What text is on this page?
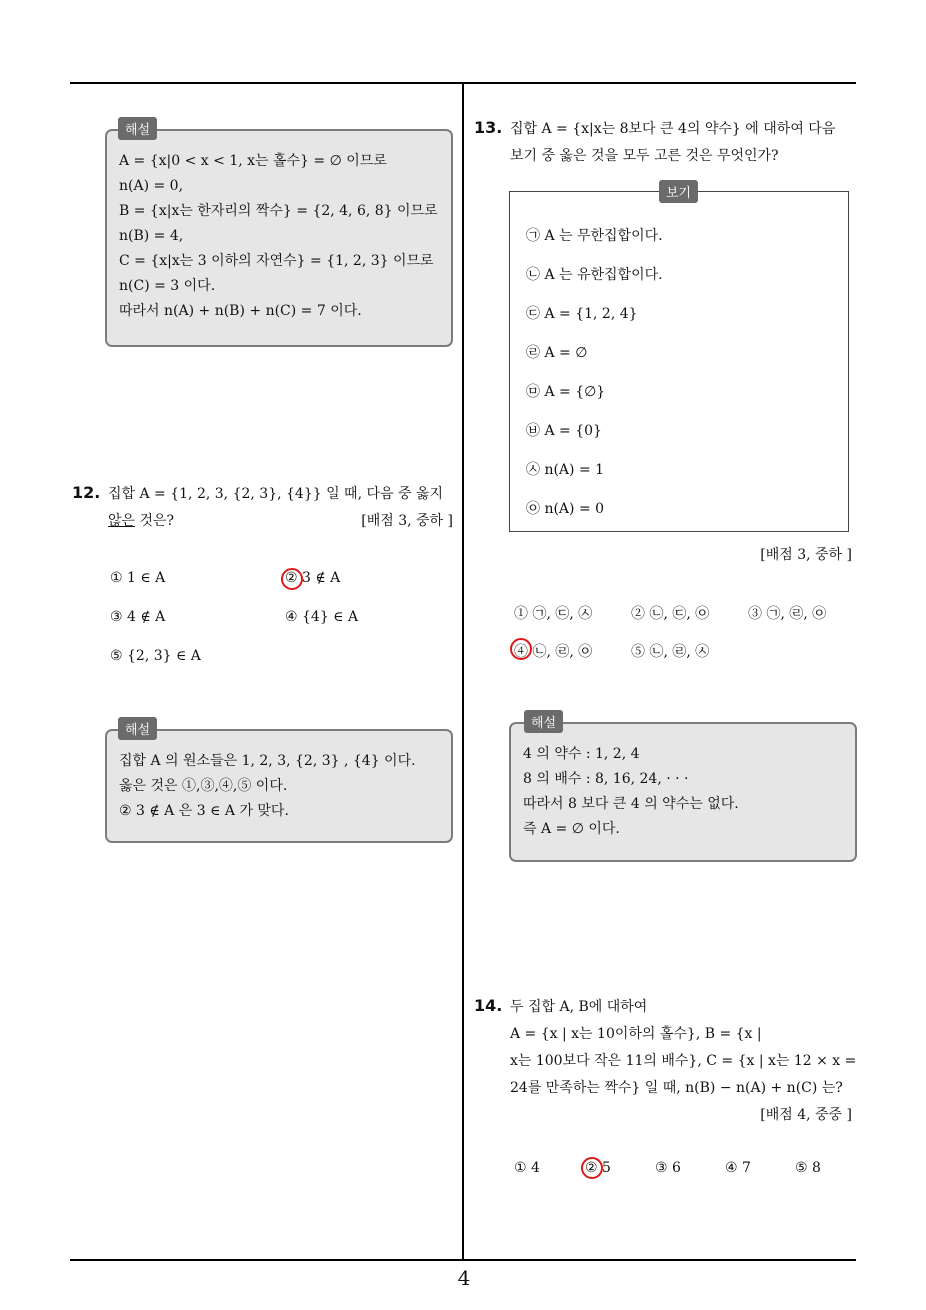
4
A = {x|0 < x < 1, x는 홀수} = ∅ 이므로
n(A) = 0,
B = {x|x는 한자리의 짝수} = {2, 4, 6, 8} 이므로
n(B) = 4,
C = {x|x는 3 이하의 자연수} = {1, 2, 3} 이므로
n(C) = 3 이다.
따라서 n(A) + n(B) + n(C) = 7 이다.
해설
12. 집합 A = {1, 2, 3, {2, 3}, {4}} 일 때, 다음 중 옳지
않은 것은?	[배점 3, 중하 ]
① 1 ∈ A	② 3 ∉ A
③ 4 ∉ A	④ {4} ∈ A
⑤ {2, 3} ∈ A
집합 A 의 원소들은 1, 2, 3, {2, 3} , {4} 이다.
옳은 것은 ①,③,④,⑤ 이다.
② 3 ∉ A 은 3 ∈ A 가 맞다.
해설
13. 집합 A = {x|x는 8보다 큰 4의 약수} 에 대하여 다음
보기 중 옳은 것을 모두 고른 것은 무엇인가?
㉠ A 는 무한집합이다.
㉡ A 는 유한집합이다.
㉢ A = {1, 2, 4}
㉣ A = ∅
㉤ A = {∅}
㉥ A = {0}
㉦ n(A) = 1
㉧ n(A) = 0
보기
[배점 3, 중하 ]
① ㉠, ㉢, ㉦	② ㉡, ㉢, ㉧	③ ㉠, ㉣, ㉧
④ ㉡, ㉣, ㉧	⑤ ㉡, ㉣, ㉦
4 의 약수 : 1, 2, 4
8 의 배수 : 8, 16, 24, · · ·
따라서 8 보다 큰 4 의 약수는 없다.
즉 A = ∅ 이다.
해설
14. 두 집합 A, B에 대하여
A = {x | x는 10이하의 홀수}, B = {x |
x는 100보다 작은 11의 배수}, C = {x | x는 12 × x =
24를 만족하는 짝수} 일 때, n(B) − n(A) + n(C) 는?
[배점 4, 중중 ]
① 4	② 5	③ 6	④ 7	⑤ 8
